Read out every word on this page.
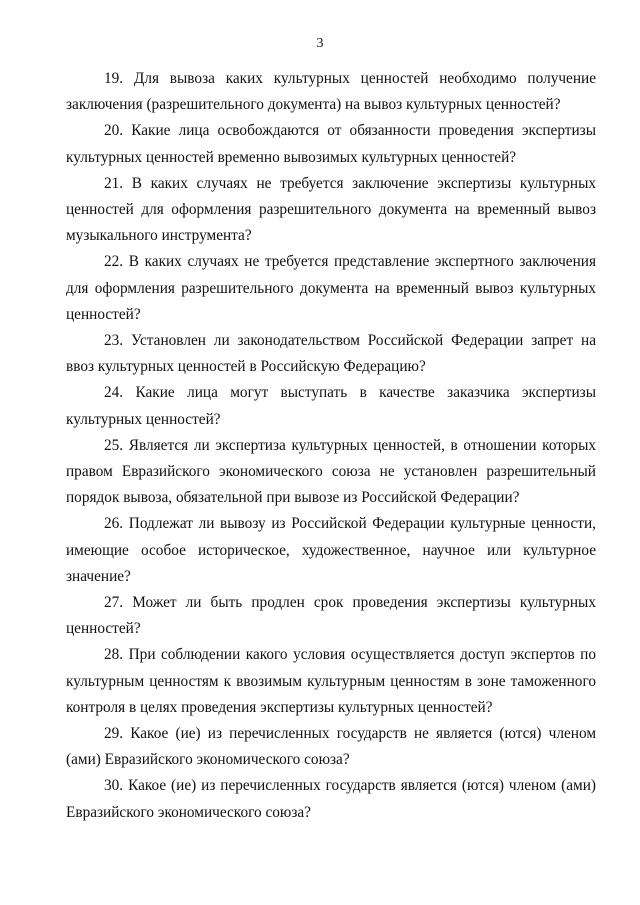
3

19. Для вывоза каких культурных ценностей необходимо получение заключения (разрешительного документа) на вывоз культурных ценностей?

20. Какие лица освобождаются от обязанности проведения экспертизы культурных ценностей временно вывозимых культурных ценностей?

21. В каких случаях не требуется заключение экспертизы культурных ценностей для оформления разрешительного документа на временный вывоз музыкального инструмента?

22. В каких случаях не требуется представление экспертного заключения для оформления разрешительного документа на временный вывоз культурных ценностей?

23. Установлен ли законодательством Российской Федерации запрет на ввоз культурных ценностей в Российскую Федерацию?

24. Какие лица могут выступать в качестве заказчика экспертизы культурных ценностей?

25. Является ли экспертиза культурных ценностей, в отношении которых правом Евразийского экономического союза не установлен разрешительный порядок вывоза, обязательной при вывозе из Российской Федерации?

26. Подлежат ли вывозу из Российской Федерации культурные ценности, имеющие особое историческое, художественное, научное или культурное значение?

27. Может ли быть продлен срок проведения экспертизы культурных ценностей?

28. При соблюдении какого условия осуществляется доступ экспертов по культурным ценностям к ввозимым культурным ценностям в зоне таможенного контроля в целях проведения экспертизы культурных ценностей?

29. Какое (ие) из перечисленных государств не является (ются) членом (ами) Евразийского экономического союза?

30. Какое (ие) из перечисленных государств является (ются) членом (ами) Евразийского экономического союза?
